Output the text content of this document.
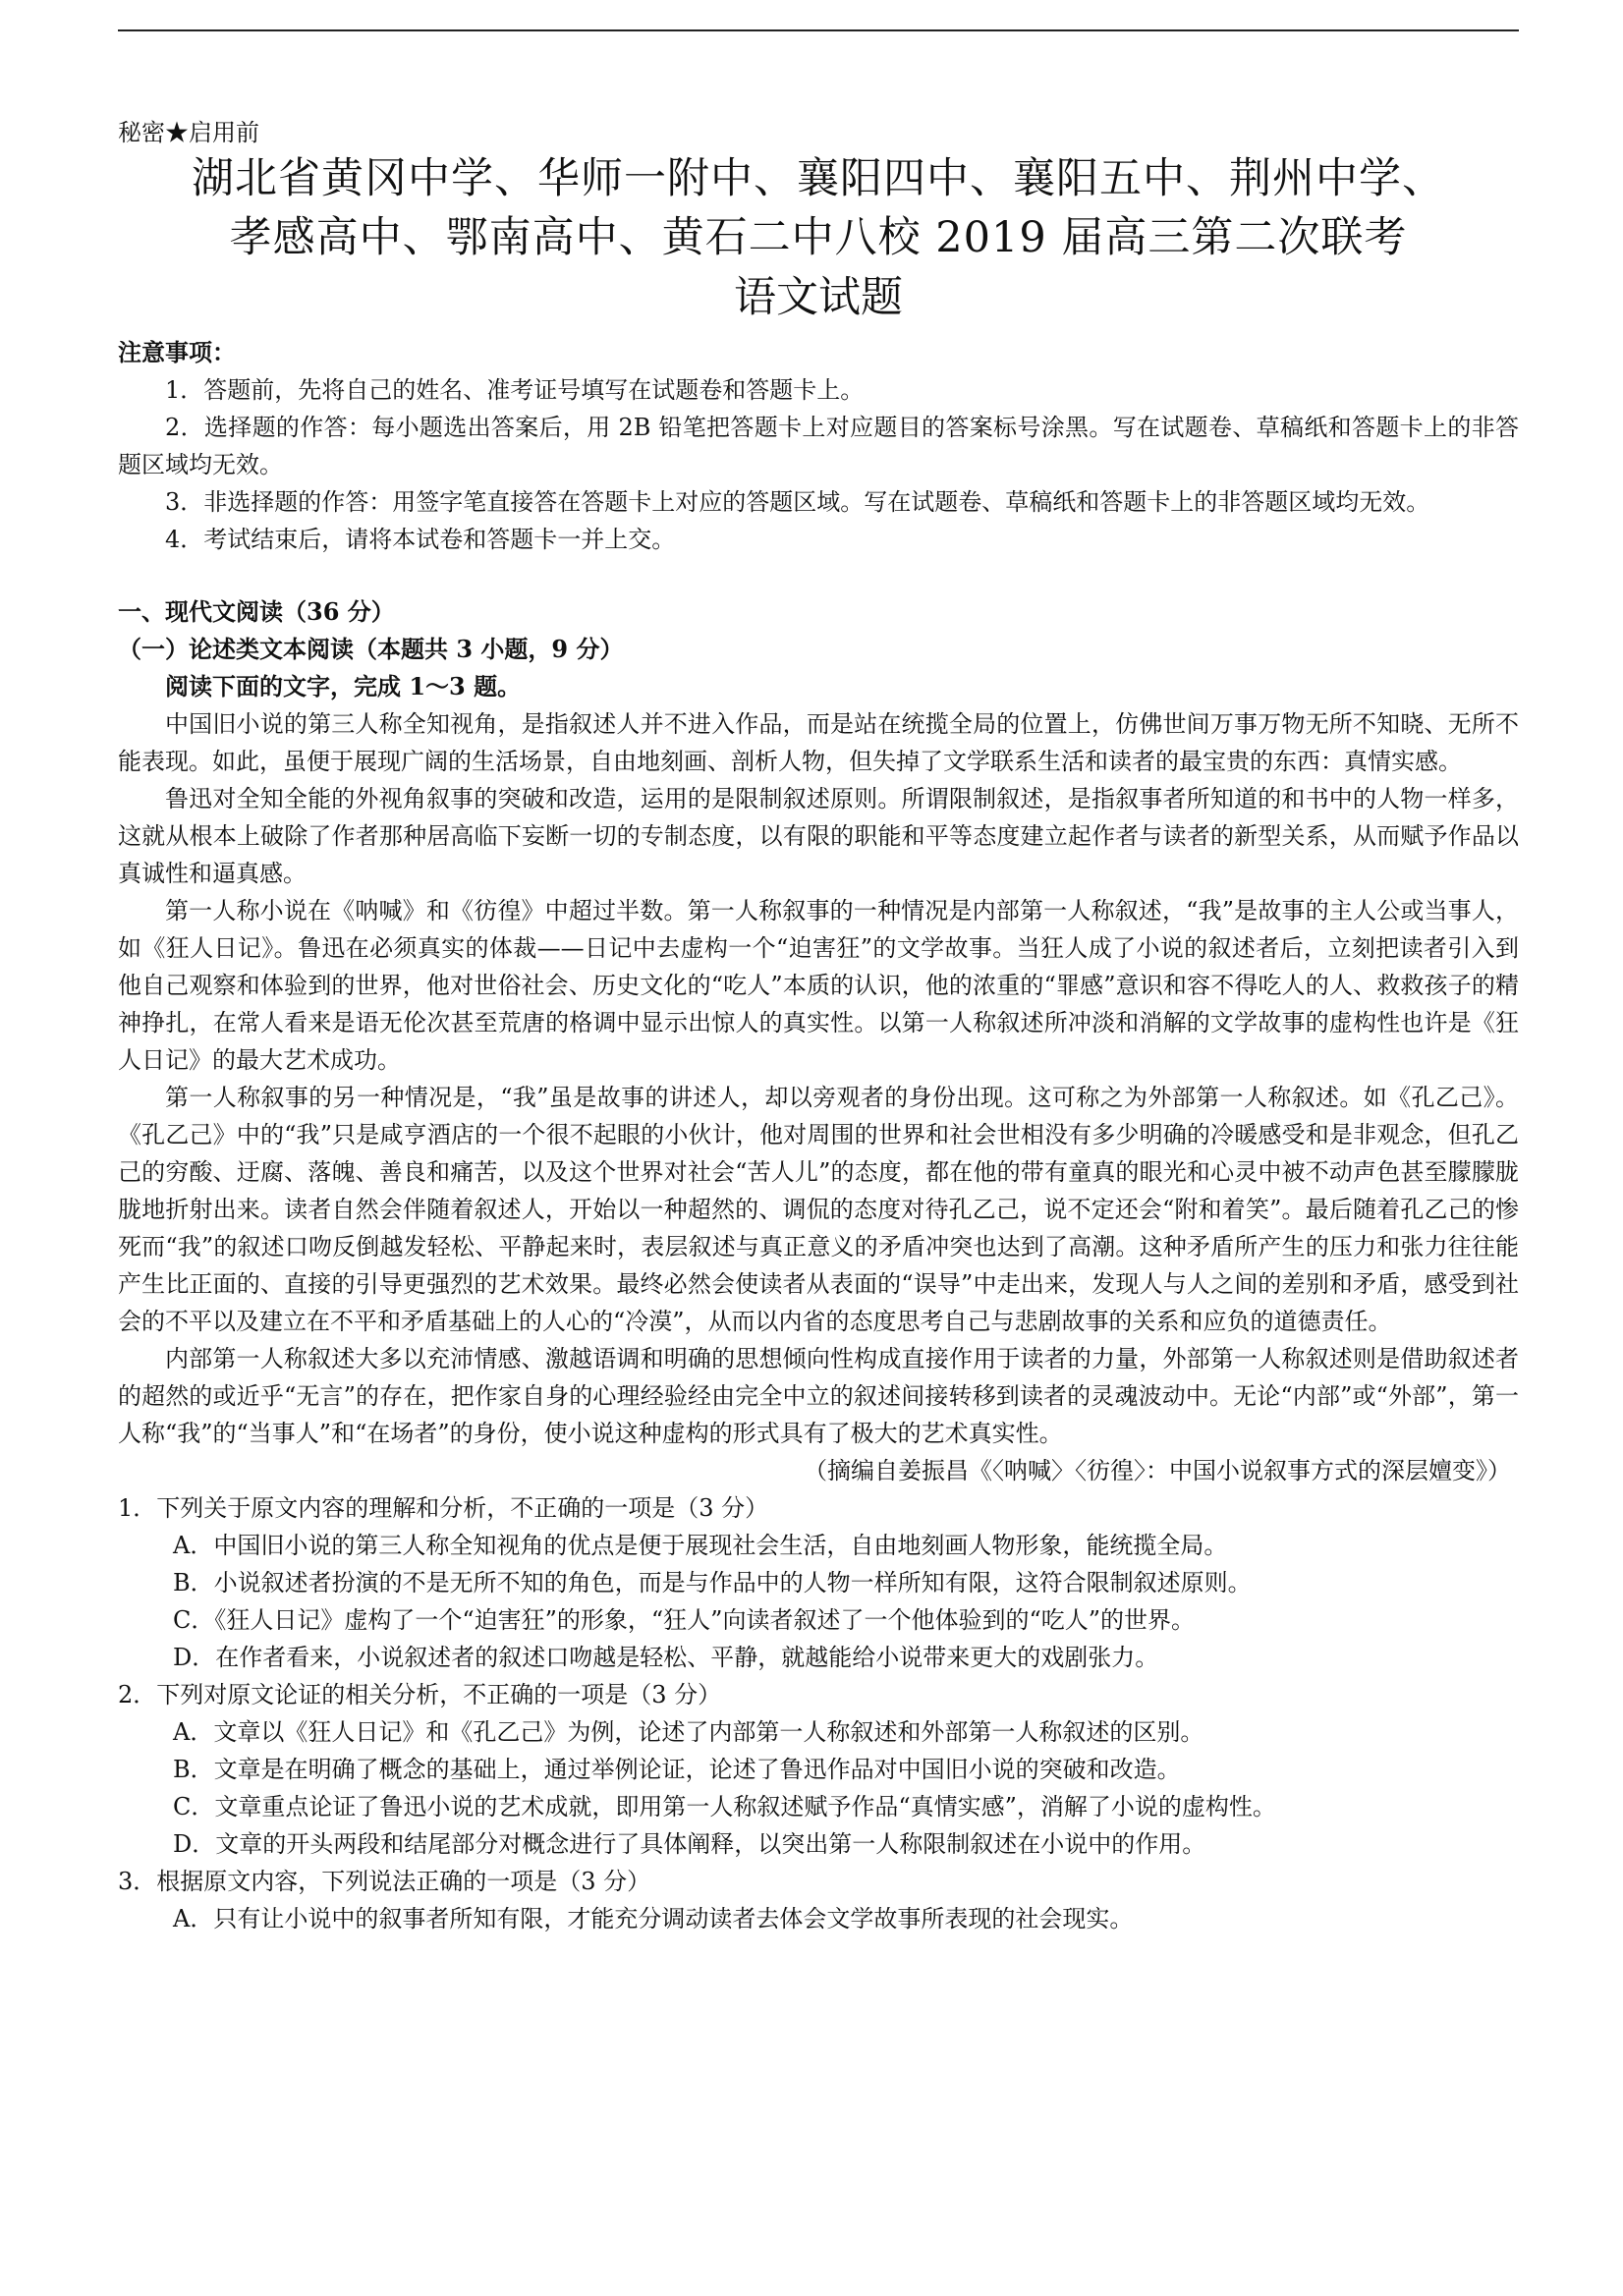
秘密★启用前

湖北省黄冈中学、华师一附中、襄阳四中、襄阳五中、荆州中学、
孝感高中、鄂南高中、黄石二中八校 2019 届高三第二次联考
语文试题

注意事项：

1．答题前，先将自己的姓名、准考证号填写在试题卷和答题卡上。

2．选择题的作答：每小题选出答案后，用 2B 铅笔把答题卡上对应题目的答案标号涂黑。写在试题卷、草稿纸和答题卡上的非答题区域均无效。

3．非选择题的作答：用签字笔直接答在答题卡上对应的答题区域。写在试题卷、草稿纸和答题卡上的非答题区域均无效。

4．考试结束后，请将本试卷和答题卡一并上交。

一、现代文阅读（36 分）

（一）论述类文本阅读（本题共 3 小题，9 分）

阅读下面的文字，完成 1～3 题。

中国旧小说的第三人称全知视角，是指叙述人并不进入作品，而是站在统揽全局的位置上，仿佛世间万事万物无所不知晓、无所不能表现。如此，虽便于展现广阔的生活场景，自由地刻画、剖析人物，但失掉了文学联系生活和读者的最宝贵的东西：真情实感。

鲁迅对全知全能的外视角叙事的突破和改造，运用的是限制叙述原则。所谓限制叙述，是指叙事者所知道的和书中的人物一样多，这就从根本上破除了作者那种居高临下妄断一切的专制态度，以有限的职能和平等态度建立起作者与读者的新型关系，从而赋予作品以真诚性和逼真感。

第一人称小说在《呐喊》和《彷徨》中超过半数。第一人称叙事的一种情况是内部第一人称叙述，“我”是故事的主人公或当事人，如《狂人日记》。鲁迅在必须真实的体裁——日记中去虚构一个“迫害狂”的文学故事。当狂人成了小说的叙述者后，立刻把读者引入到他自己观察和体验到的世界，他对世俗社会、历史文化的“吃人”本质的认识，他的浓重的“罪感”意识和容不得吃人的人、救救孩子的精神挣扎，在常人看来是语无伦次甚至荒唐的格调中显示出惊人的真实性。以第一人称叙述所冲淡和消解的文学故事的虚构性也许是《狂人日记》的最大艺术成功。

第一人称叙事的另一种情况是，“我”虽是故事的讲述人，却以旁观者的身份出现。这可称之为外部第一人称叙述。如《孔乙己》。《孔乙己》中的“我”只是咸亨酒店的一个很不起眼的小伙计，他对周围的世界和社会世相没有多少明确的冷暖感受和是非观念，但孔乙己的穷酸、迂腐、落魄、善良和痛苦，以及这个世界对社会“苦人儿”的态度，都在他的带有童真的眼光和心灵中被不动声色甚至朦朦胧胧地折射出来。读者自然会伴随着叙述人，开始以一种超然的、调侃的态度对待孔乙己，说不定还会“附和着笑”。最后随着孔乙己的惨死而“我”的叙述口吻反倒越发轻松、平静起来时，表层叙述与真正意义的矛盾冲突也达到了高潮。这种矛盾所产生的压力和张力往往能产生比正面的、直接的引导更强烈的艺术效果。最终必然会使读者从表面的“误导”中走出来，发现人与人之间的差别和矛盾，感受到社会的不平以及建立在不平和矛盾基础上的人心的“冷漠”，从而以内省的态度思考自己与悲剧故事的关系和应负的道德责任。

内部第一人称叙述大多以充沛情感、激越语调和明确的思想倾向性构成直接作用于读者的力量，外部第一人称叙述则是借助叙述者的超然的或近乎“无言”的存在，把作家自身的心理经验经由完全中立的叙述间接转移到读者的灵魂波动中。无论“内部”或“外部”，第一人称“我”的“当事人”和“在场者”的身份，使小说这种虚构的形式具有了极大的艺术真实性。

（摘编自姜振昌《〈呐喊〉〈彷徨〉：中国小说叙事方式的深层嬗变》）

1．下列关于原文内容的理解和分析，不正确的一项是（3 分）

A．中国旧小说的第三人称全知视角的优点是便于展现社会生活，自由地刻画人物形象，能统揽全局。

B．小说叙述者扮演的不是无所不知的角色，而是与作品中的人物一样所知有限，这符合限制叙述原则。

C．《狂人日记》虚构了一个“迫害狂”的形象，“狂人”向读者叙述了一个他体验到的“吃人”的世界。

D．在作者看来，小说叙述者的叙述口吻越是轻松、平静，就越能给小说带来更大的戏剧张力。

2．下列对原文论证的相关分析，不正确的一项是（3 分）

A．文章以《狂人日记》和《孔乙己》为例，论述了内部第一人称叙述和外部第一人称叙述的区别。

B．文章是在明确了概念的基础上，通过举例论证，论述了鲁迅作品对中国旧小说的突破和改造。

C．文章重点论证了鲁迅小说的艺术成就，即用第一人称叙述赋予作品“真情实感”，消解了小说的虚构性。

D．文章的开头两段和结尾部分对概念进行了具体阐释，以突出第一人称限制叙述在小说中的作用。

3．根据原文内容，下列说法正确的一项是（3 分）

A．只有让小说中的叙事者所知有限，才能充分调动读者去体会文学故事所表现的社会现实。
